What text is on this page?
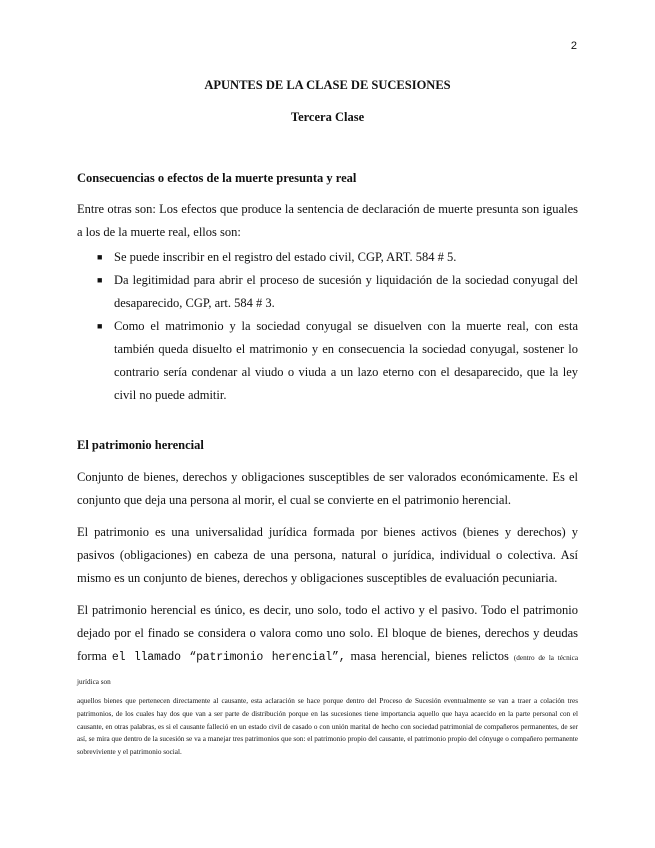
2
APUNTES DE LA CLASE DE SUCESIONES
Tercera Clase
Consecuencias o efectos de la muerte presunta y real

Entre otras son: Los efectos que produce la sentencia de declaración de muerte presunta son iguales a los de la muerte real, ellos son:

■ Se puede inscribir en el registro del estado civil, CGP, ART. 584 # 5.
■ Da legitimidad para abrir el proceso de sucesión y liquidación de la sociedad conyugal del desaparecido, CGP, art. 584 # 3.
■ Como el matrimonio y la sociedad conyugal se disuelven con la muerte real, con esta también queda disuelto el matrimonio y en consecuencia la sociedad conyugal, sostener lo contrario sería condenar al viudo o viuda a un lazo eterno con el desaparecido, que la ley civil no puede admitir.
El patrimonio herencial

Conjunto de bienes, derechos y obligaciones susceptibles de ser valorados económicamente. Es el conjunto que deja una persona al morir, el cual se convierte en el patrimonio herencial.

El patrimonio es una universalidad jurídica formada por bienes activos (bienes y derechos) y pasivos (obligaciones) en cabeza de una persona, natural o jurídica, individual o colectiva. Así mismo es un conjunto de bienes, derechos y obligaciones susceptibles de evaluación pecuniaria.

El patrimonio herencial es único, es decir, uno solo, todo el activo y el pasivo. Todo el patrimonio dejado por el finado se considera o valora como uno solo. El bloque de bienes, derechos y deudas forma el llamado “patrimonio herencial”, masa herencial, bienes relictos (dentro de la técnica jurídica son

aquellos bienes que pertenecen directamente al causante, esta aclaración se hace porque dentro del Proceso de Sucesión eventualmente se van a traer a colación tres patrimonios, de los cuales hay dos que van a ser parte de distribución porque en las sucesiones tiene importancia aquello que haya acaecido en la parte personal con el causante, en otras palabras, es si el causante falleció en un estado civil de casado o con unión marital de hecho con sociedad patrimonial de compañeros permanentes, de ser así, se mira que dentro de la sucesión se va a manejar tres patrimonios que son: el patrimonio propio del causante, el patrimonio propio del cónyuge o compañero permanente sobreviviente y el patrimonio social.
